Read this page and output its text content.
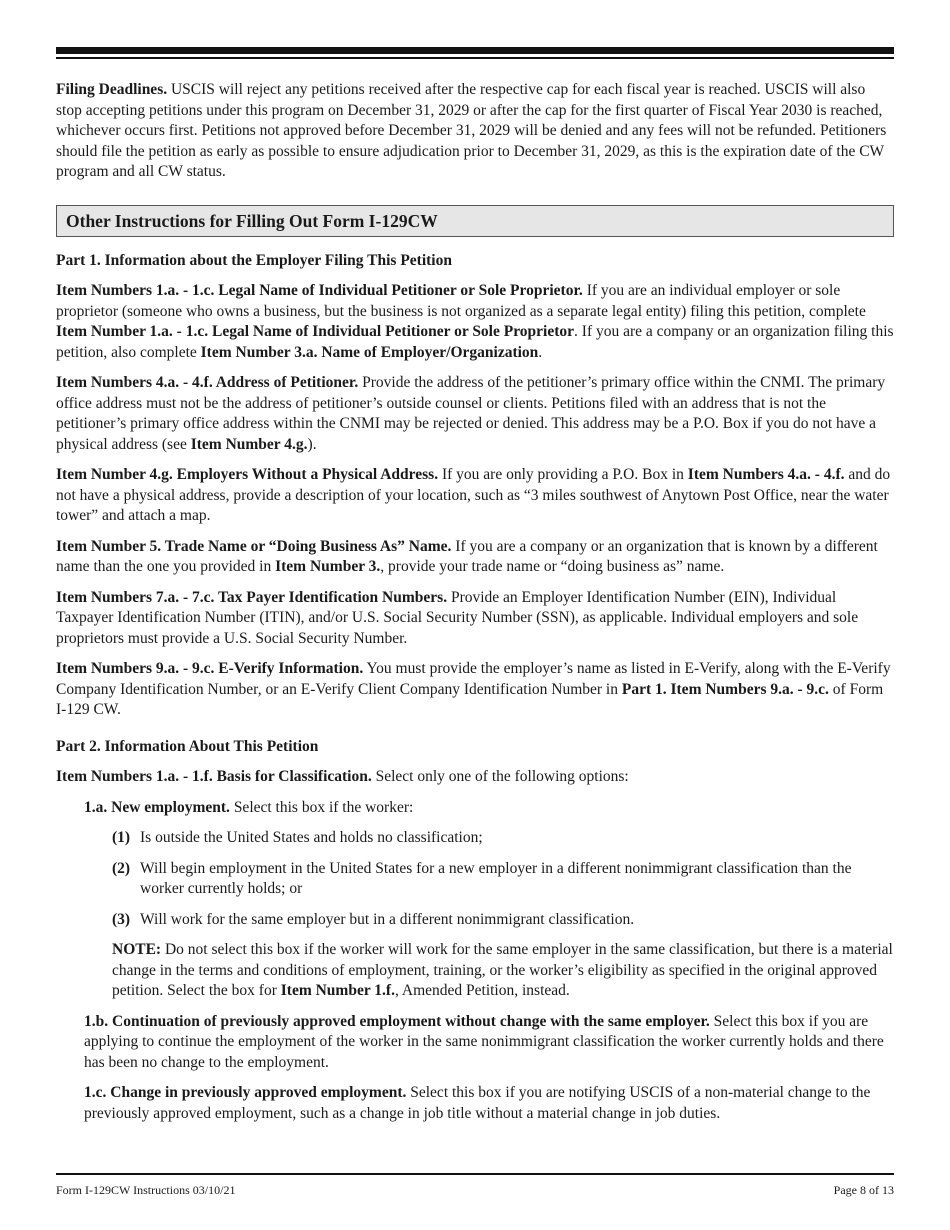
Filing Deadlines. USCIS will reject any petitions received after the respective cap for each fiscal year is reached. USCIS will also stop accepting petitions under this program on December 31, 2029 or after the cap for the first quarter of Fiscal Year 2030 is reached, whichever occurs first. Petitions not approved before December 31, 2029 will be denied and any fees will not be refunded. Petitioners should file the petition as early as possible to ensure adjudication prior to December 31, 2029, as this is the expiration date of the CW program and all CW status.

Other Instructions for Filling Out Form I-129CW
Part 1. Information about the Employer Filing This Petition

Item Numbers 1.a. - 1.c. Legal Name of Individual Petitioner or Sole Proprietor. If you are an individual employer or sole proprietor (someone who owns a business, but the business is not organized as a separate legal entity) filing this petition, complete Item Number 1.a. - 1.c. Legal Name of Individual Petitioner or Sole Proprietor. If you are a company or an organization filing this petition, also complete Item Number 3.a. Name of Employer/Organization.

Item Numbers 4.a. - 4.f. Address of Petitioner. Provide the address of the petitioner’s primary office within the CNMI. The primary office address must not be the address of petitioner’s outside counsel or clients. Petitions filed with an address that is not the petitioner’s primary office address within the CNMI may be rejected or denied. This address may be a P.O. Box if you do not have a physical address (see Item Number 4.g.).

Item Number 4.g. Employers Without a Physical Address. If you are only providing a P.O. Box in Item Numbers 4.a. - 4.f. and do not have a physical address, provide a description of your location, such as “3 miles southwest of Anytown Post Office, near the water tower” and attach a map.

Item Number 5. Trade Name or “Doing Business As” Name. If you are a company or an organization that is known by a different name than the one you provided in Item Number 3., provide your trade name or “doing business as” name.

Item Numbers 7.a. - 7.c. Tax Payer Identification Numbers. Provide an Employer Identification Number (EIN), Individual Taxpayer Identification Number (ITIN), and/or U.S. Social Security Number (SSN), as applicable. Individual employers and sole proprietors must provide a U.S. Social Security Number.

Item Numbers 9.a. - 9.c. E-Verify Information. You must provide the employer’s name as listed in E-Verify, along with the E-Verify Company Identification Number, or an E-Verify Client Company Identification Number in Part 1. Item Numbers 9.a. - 9.c. of Form I-129 CW.

Part 2. Information About This Petition

Item Numbers 1.a. - 1.f. Basis for Classification. Select only one of the following options:

1.a. New employment. Select this box if the worker:

(1) Is outside the United States and holds no classification;
(2) Will begin employment in the United States for a new employer in a different nonimmigrant classification than the worker currently holds; or
(3) Will work for the same employer but in a different nonimmigrant classification.

NOTE: Do not select this box if the worker will work for the same employer in the same classification, but there is a material change in the terms and conditions of employment, training, or the worker’s eligibility as specified in the original approved petition. Select the box for Item Number 1.f., Amended Petition, instead.

1.b. Continuation of previously approved employment without change with the same employer. Select this box if you are applying to continue the employment of the worker in the same nonimmigrant classification the worker currently holds and there has been no change to the employment.

1.c. Change in previously approved employment. Select this box if you are notifying USCIS of a non-material change to the previously approved employment, such as a change in job title without a material change in job duties.

Form I-129CW Instructions 03/10/21	Page 8 of 13
